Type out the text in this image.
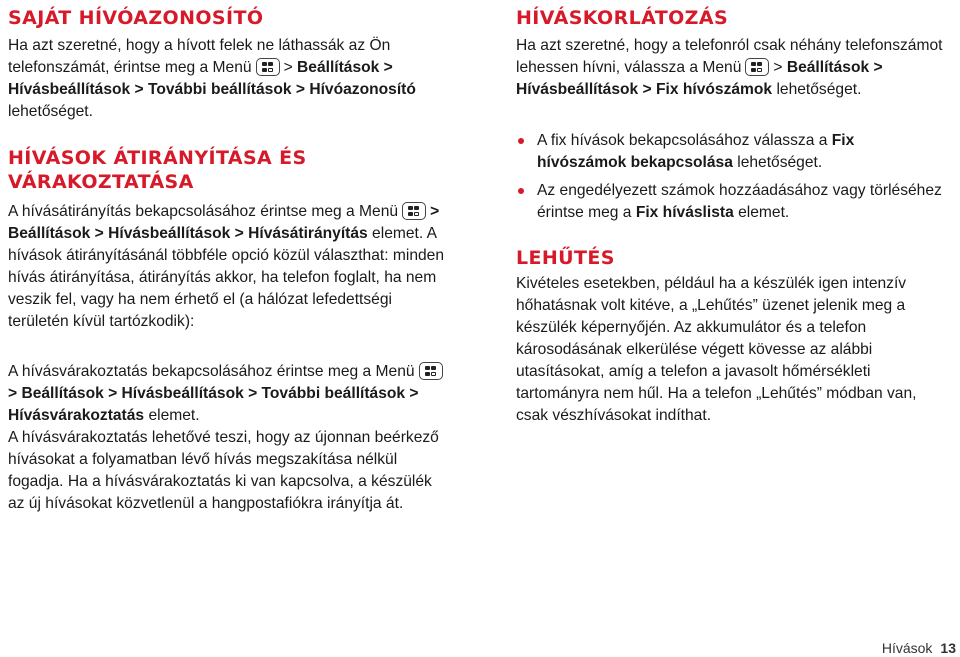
SAJÁT HÍVÓAZONOSÍTÓ

Ha azt szeretné, hogy a hívott felek ne láthassák az Ön telefonszámát, érintse meg a Menü > Beállítások > Hívásbeállítások > További beállítások > Hívóazonosító lehetőséget.

HÍVÁSOK ÁTIRÁNYÍTÁSA ÉS
VÁRAKOZTATÁSA

A hívásátirányítás bekapcsolásához érintse meg a Menü > Beállítások > Hívásbeállítások > Hívásátirányítás elemet. A hívások átirányításánál többféle opció közül választhat: minden hívás átirányítása, átirányítás akkor, ha telefon foglalt, ha nem veszik fel, vagy ha nem érhető el (a hálózat lefedettségi területén kívül tartózkodik):

A hívásvárakoztatás bekapcsolásához érintse meg a Menü
> Beállítások > Hívásbeállítások > További beállítások > Hívásvárakoztatás elemet.

A hívásvárakoztatás lehetővé teszi, hogy az újonnan beérkező hívásokat a folyamatban lévő hívás megszakítása nélkül fogadja. Ha a hívásvárakoztatás ki van kapcsolva, a készülék az új hívásokat közvetlenül a hangpostafiókra irányítja át.

HÍVÁSKORLÁTOZÁS

Ha azt szeretné, hogy a telefonról csak néhány telefonszámot lehessen hívni, válassza a Menü > Beállítások > Hívásbeállítások > Fix hívószámok lehetőséget.

A fix hívások bekapcsolásához válassza a Fix hívószámok bekapcsolása lehetőséget.
Az engedélyezett számok hozzáadásához vagy törléséhez érintse meg a Fix híváslista elemet.
LEHŰTÉS

Kivételes esetekben, például ha a készülék igen intenzív hőhatásnak volt kitéve, a „Lehűtés” üzenet jelenik meg a készülék képernyőjén. Az akkumulátor és a telefon károsodásának elkerülése végett kövesse az alábbi utasításokat, amíg a telefon a javasolt hőmérsékleti tartományra nem hűl. Ha a telefon „Lehűtés” módban van, csak vészhívásokat indíthat.

Hívások 13
